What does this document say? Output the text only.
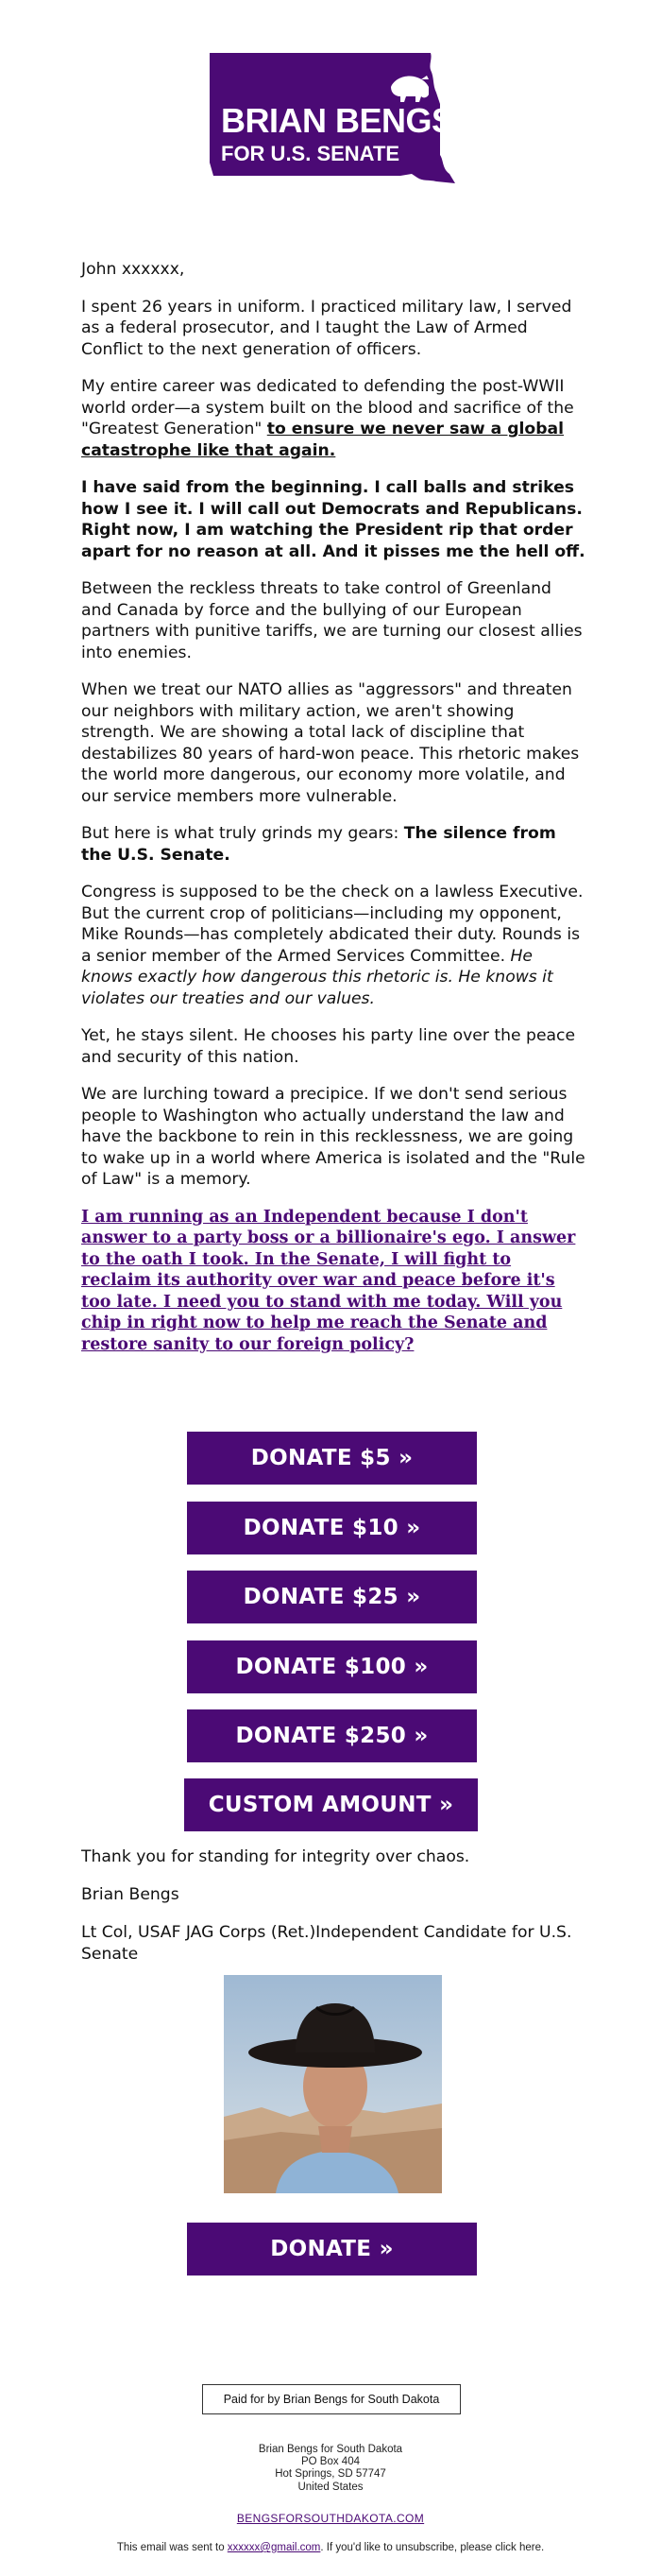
BRIAN BENGS
FOR U.S. SENATE

John xxxxxx,

I spent 26 years in uniform. I practiced military law, I served as a federal prosecutor, and I taught the Law of Armed Conflict to the next generation of officers.

My entire career was dedicated to defending the post-WWII world order—a system built on the blood and sacrifice of the "Greatest Generation" to ensure we never saw a global catastrophe like that again.

I have said from the beginning. I call balls and strikes how I see it. I will call out Democrats and Republicans. Right now, I am watching the President rip that order apart for no reason at all. And it pisses me the hell off.

Between the reckless threats to take control of Greenland and Canada by force and the bullying of our European partners with punitive tariffs, we are turning our closest allies into enemies.

When we treat our NATO allies as "aggressors" and threaten our neighbors with military action, we aren't showing strength. We are showing a total lack of discipline that destabilizes 80 years of hard-won peace. This rhetoric makes the world more dangerous, our economy more volatile, and our service members more vulnerable.

But here is what truly grinds my gears: The silence from the U.S. Senate.

Congress is supposed to be the check on a lawless Executive. But the current crop of politicians—including my opponent, Mike Rounds—has completely abdicated their duty. Rounds is a senior member of the Armed Services Committee. He knows exactly how dangerous this rhetoric is. He knows it violates our treaties and our values.

Yet, he stays silent. He chooses his party line over the peace and security of this nation.

We are lurching toward a precipice. If we don't send serious people to Washington who actually understand the law and have the backbone to rein in this recklessness, we are going to wake up in a world where America is isolated and the "Rule of Law" is a memory.

I am running as an Independent because I don't answer to a party boss or a billionaire's ego. I answer to the oath I took. In the Senate, I will fight to reclaim its authority over war and peace before it's too late. I need you to stand with me today. Will you chip in right now to help me reach the Senate and restore sanity to our foreign policy?

DONATE $5 »
DONATE $10 »
DONATE $25 »
DONATE $100 »
DONATE $250 »
CUSTOM AMOUNT »
Thank you for standing for integrity over chaos.
Brian Bengs
Lt Col, USAF JAG Corps (Ret.)Independent Candidate for U.S. Senate
DONATE »
Paid for by Brian Bengs for South Dakota
Brian Bengs for South Dakota
PO Box 404
Hot Springs, SD 57747
United States
BENGSFORSOUTHDAKOTA.COM
This email was sent to xxxxxx@gmail.com. If you'd like to unsubscribe, please click here.
